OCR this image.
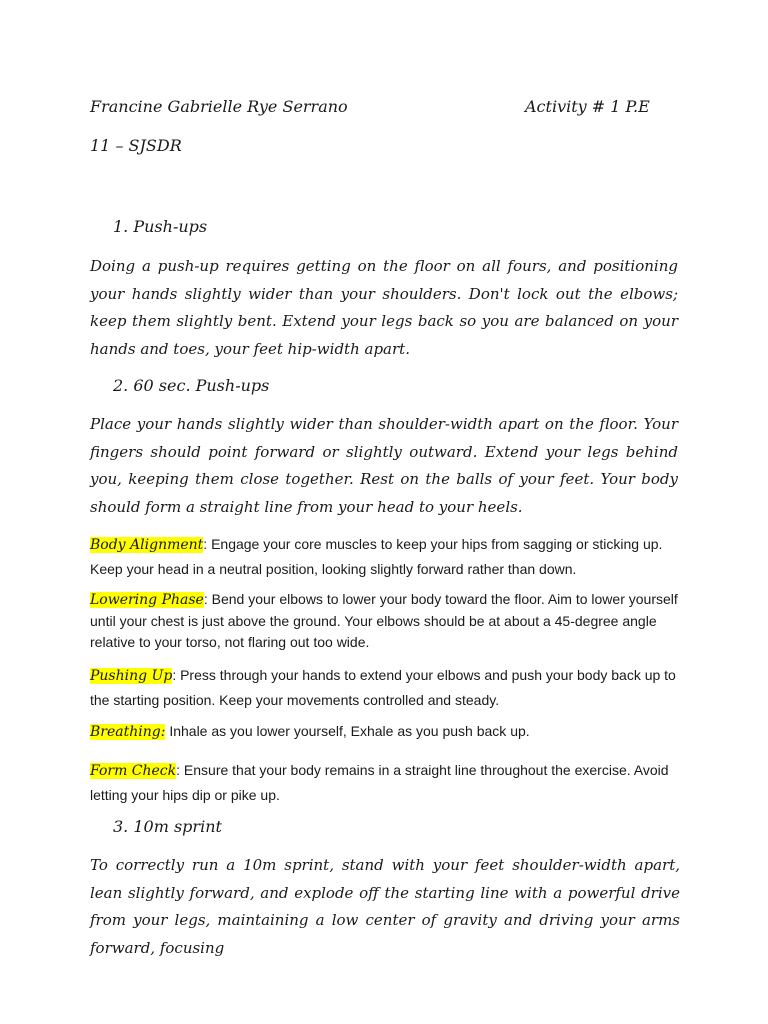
Francine Gabrielle Rye Serrano	Activity # 1 P.E
11 – SJSDR
1. Push-ups

Doing a push-up requires getting on the floor on all fours, and positioning your hands slightly wider than your shoulders. Don't lock out the elbows; keep them slightly bent. Extend your legs back so you are balanced on your hands and toes, your feet hip-width apart.

2. 60 sec. Push-ups

Place your hands slightly wider than shoulder-width apart on the floor. Your fingers should point forward or slightly outward. Extend your legs behind you, keeping them close together. Rest on the balls of your feet. Your body should form a straight line from your head to your heels.

Body Alignment: Engage your core muscles to keep your hips from sagging or sticking up. Keep your head in a neutral position, looking slightly forward rather than down.

Lowering Phase: Bend your elbows to lower your body toward the floor. Aim to lower yourself until your chest is just above the ground. Your elbows should be at about a 45-degree angle relative to your torso, not flaring out too wide.

Pushing Up: Press through your hands to extend your elbows and push your body back up to the starting position. Keep your movements controlled and steady.

Breathing: Inhale as you lower yourself, Exhale as you push back up.

Form Check: Ensure that your body remains in a straight line throughout the exercise. Avoid letting your hips dip or pike up.

3. 10m sprint

To correctly run a 10m sprint, stand with your feet shoulder-width apart, lean slightly forward, and explode off the starting line with a powerful drive from your legs, maintaining a low center of gravity and driving your arms forward, focusing
